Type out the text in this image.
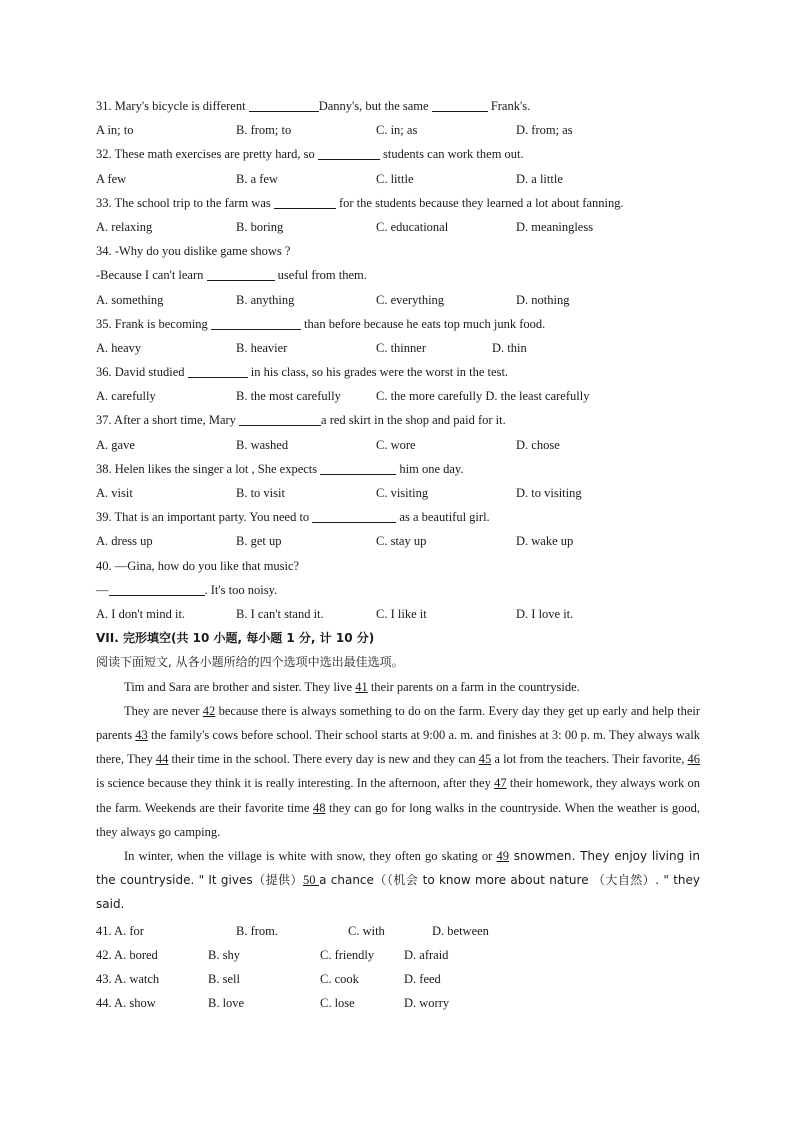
31. Mary's bicycle is different	Danny's, but the same	Frank's.
A in; to	B. from; to	C. in; as	D. from; as
32. These math exercises are pretty hard, so	students can work them out.
A few	B. a few	C. little	D. a little
33. The school trip to the farm was	for the students because they learned a lot about fanning.
A. relaxing	B. boring	C. educational	D. meaningless
34. -Why do you dislike game shows ?
-Because I can't learn	useful from them.
A. something	B. anything	C. everything	D. nothing
35. Frank is becoming	than before because he eats top much junk food.
A. heavy	B. heavier	C. thinner	D. thin
36. David studied	in his class, so his grades were the worst in the test.
A. carefully	B. the most carefully	C. the more carefully D. the least carefully
37. After a short time, Mary	a red skirt in the shop and paid for it.
A. gave	B. washed	C. wore	D. chose
38. Helen likes the singer a lot , She expects	him one day.
A. visit	B. to visit	C. visiting	D. to visiting
39. That is an important party. You need to	as a beautiful girl.
A. dress up	B. get up	C. stay up	D. wake up
40. —Gina, how do you like that music?
—	. It's too noisy.
A. I don't mind it.	B. I can't stand it.	C. I like it	D. I love it.
VII. 完形填空(共 10 小题, 每小题 1 分, 计 10 分)
阅读下面短文, 从各小题所给的四个选项中选出最佳选项。

Tim and Sara are brother and sister. They live 41 their parents on a farm in the countryside.

They are never 42 because there is always something to do on the farm. Every day they get up early and help their parents 43 the family's cows before school. Their school starts at 9:00 a. m. and finishes at 3: 00 p. m. They always walk there, They 44 their time in the school. There every day is new and they can 45 a lot from the teachers. Their favorite, 46 is science because they think it is really interesting. In the afternoon, after they 47 their homework, they always work on the farm. Weekends are their favorite time 48 they can go for long walks in the countryside. When the weather is good, they always go camping.

In winter, when the village is white with snow, they often go skating or 49 snowmen. They enjoy living in the countryside. " It gives（提供）50 a chance（（机会 to know more about nature （大自然）. " they said.

41. A. for	B. from.	C. with	D. between
42. A. bored	B. shy	C. friendly D. afraid
43. A. watch	B. sell	C. cook	D. feed
44. A. show	B. love	C. lose	D. worry
